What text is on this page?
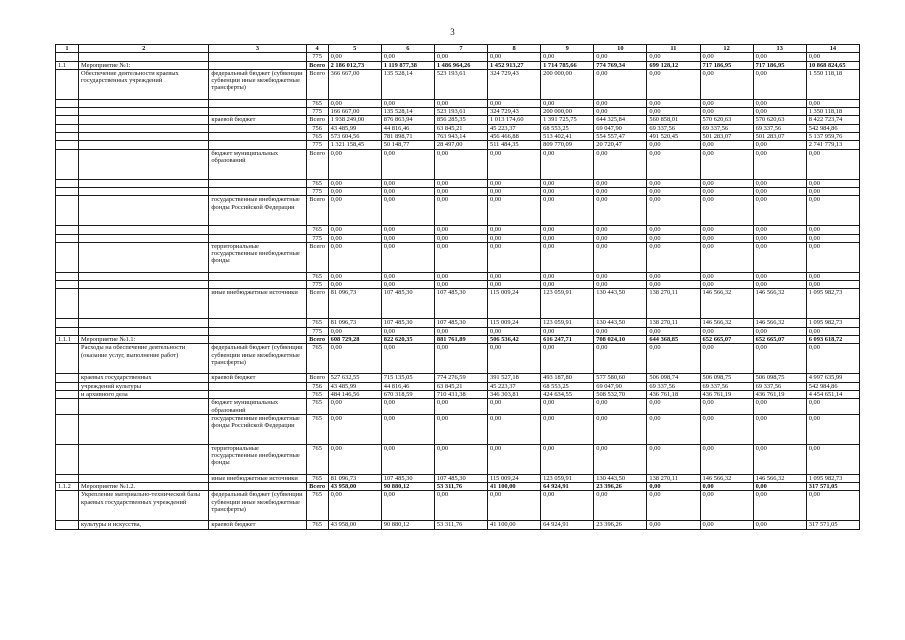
3
1	2	3	4	5	6	7	8	9	10	11	12	13	14
			775	0,00	0,00	0,00	0,00	0,00	0,00	0,00	0,00	0,00	0,00
1.1	Мероприятие №1:		Всего	2 186 012,73	1 119 877,38	1 486 964,26	1 452 913,27	1 714 785,66	774 769,34	699 128,12	717 186,95	717 186,95	10 868 824,65
	Обеспечение деятельности краевых государственных учреждений	федеральный бюджет (субвенции субвенции иные межбюджетные трансферты)	Всего	366 667,00	135 528,14	523 193,61	324 729,43	200 000,00	0,00	0,00	0,00	0,00	1 550 118,18
			765	0,00	0,00	0,00	0,00	0,00	0,00	0,00	0,00	0,00	0,00
			775	166 667,00	135 528,14	523 193,61	324 729,43	200 000,00	0,00	0,00	0,00	0,00	1 350 118,18
		краевой бюджет	Всего	1 938 249,00	876 863,94	856 285,35	1 013 174,60	1 391 725,75	644 325,84	560 858,01	570 620,63	570 620,63	8 422 723,74
			756	43 485,99	44 816,46	63 845,21	45 223,37	68 553,25	69 047,90	69 337,56	69 337,56	69 337,56	542 984,86
			765	573 604,56	781 898,71	763 943,14	456 466,88	513 402,41	554 557,47	491 520,45	501 283,07	501 283,07	5 137 959,76
			775	1 321 158,45	50 148,77	28 497,00	511 484,35	809 770,09	20 720,47	0,00	0,00	0,00	2 741 779,13
		бюджет муниципальных образований	Всего	0,00	0,00	0,00	0,00	0,00	0,00	0,00	0,00	0,00	0,00
			765	0,00	0,00	0,00	0,00	0,00	0,00	0,00	0,00	0,00	0,00
			775	0,00	0,00	0,00	0,00	0,00	0,00	0,00	0,00	0,00	0,00
		государственные внебюджетные фонды Российской Федерации	Всего	0,00	0,00	0,00	0,00	0,00	0,00	0,00	0,00	0,00	0,00
			765	0,00	0,00	0,00	0,00	0,00	0,00	0,00	0,00	0,00	0,00
			775	0,00	0,00	0,00	0,00	0,00	0,00	0,00	0,00	0,00	0,00
		территориальные государственные внебюджетные фонды	Всего	0,00	0,00	0,00	0,00	0,00	0,00	0,00	0,00	0,00	0,00
			765	0,00	0,00	0,00	0,00	0,00	0,00	0,00	0,00	0,00	0,00
			775	0,00	0,00	0,00	0,00	0,00	0,00	0,00	0,00	0,00	0,00
		иные внебюджетные источники	Всего	81 096,73	107 485,30	107 485,30	115 009,24	123 059,91	130 443,50	138 270,11	146 566,32	146 566,32	1 095 982,73
			765	81 096,73	107 485,30	107 485,30	115 009,24	123 059,91	130 443,50	138 270,11	146 566,32	146 566,32	1 095 982,73
			775	0,00	0,00	0,00	0,00	0,00	0,00	0,00	0,00	0,00	0,00
1.1.1	Мероприятие №1.1:		Всего	608 729,28	822 620,35	881 761,89	506 536,42	616 247,71	708 024,10	644 368,85	652 665,07	652 665,07	6 093 618,72
	Расходы на обеспечение деятельности (оказание услуг, выполнение работ)	федеральный бюджет (субвенции субвенции иные межбюджетные трансферты)	765	0,00	0,00	0,00	0,00	0,00	0,00	0,00	0,00	0,00	0,00
	краевых государственных	краевой бюджет	Всего	527 632,55	715 135,05	774 276,59	391 527,18	493 187,80	577 580,60	506 098,74	506 098,75	506 098,75	4 997 635,99
	учреждений культуры		756	43 485,99	44 816,46	63 845,21	45 223,37	68 553,25	69 047,90	69 337,56	69 337,56	69 337,56	542 984,86
	и архивного дела		765	484 146,56	670 318,59	710 431,38	346 303,81	424 634,55	508 532,70	436 761,18	436 761,19	436 761,19	4 454 651,14
		бюджет муниципальных образований	765	0,00	0,00	0,00	0,00	0,00	0,00	0,00	0,00	0,00	0,00
		государственные внебюджетные фонды Российской Федерации	765	0,00	0,00	0,00	0,00	0,00	0,00	0,00	0,00	0,00	0,00
		территориальные государственные внебюджетные фонды	765	0,00	0,00	0,00	0,00	0,00	0,00	0,00	0,00	0,00	0,00
		иные внебюджетные источники	765	81 096,73	107 485,30	107 485,30	115 009,24	123 059,91	130 443,50	138 270,11	146 566,32	146 566,32	1 095 982,73
1.1.2	Мероприятие №1.2.		Всего	43 958,00	90 880,12	53 311,76	41 100,00	64 924,91	23 396,26	0,00	0,00	0,00	317 571,05
	Укрепление материально-технической базы краевых государственных учреждений	федеральный бюджет (субвенции субвенции иные межбюджетные трансферты)	765	0,00	0,00	0,00	0,00	0,00	0,00	0,00	0,00	0,00	0,00
	культуры и искусства,	краевой бюджет	765	43 958,00	90 880,12	53 311,76	41 100,00	64 924,91	23 396,26	0,00	0,00	0,00	317 571,05
